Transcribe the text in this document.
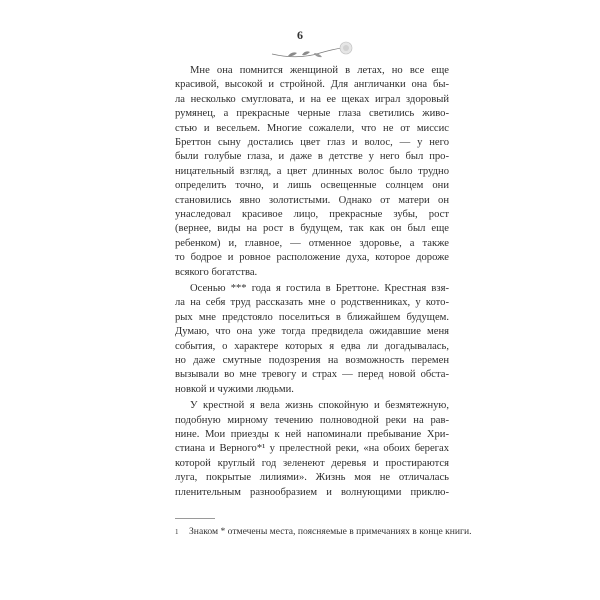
6
Мне она помнится женщиной в летах, но все еще
красивой, высокой и стройной. Для англичанки она бы-
ла несколько смугловата, и на ее щеках играл здоровый
румянец, а прекрасные черные глаза светились живо-
стью и весельем. Многие сожалели, что не от миссис
Бреттон сыну достались цвет глаз и волос, — у него
были голубые глаза, и даже в детстве у него был про-
ницательный взгляд, а цвет длинных волос было трудно
определить точно, и лишь освещенные солнцем они
становились явно золотистыми. Однако от матери он
унаследовал красивое лицо, прекрасные зубы, рост
(вернее, виды на рост в будущем, так как он был еще
ребенком) и, главное, — отменное здоровье, а также
то бодрое и ровное расположение духа, которое дороже
всякого богатства.
Осенью *** года я гостила в Бреттоне. Крестная взя-
ла на себя труд рассказать мне о родственниках, у кото-
рых мне предстояло поселиться в ближайшем будущем.
Думаю, что она уже тогда предвидела ожидавшие меня
события, о характере которых я едва ли догадывалась,
но даже смутные подозрения на возможность перемен
вызывали во мне тревогу и страх — перед новой обста-
новкой и чужими людьми.
У крестной я вела жизнь спокойную и безмятежную,
подобную мирному течению полноводной реки на рав-
нине. Мои приезды к ней напоминали пребывание Хри-
стиана и Верного*¹ у прелестной реки, «на обоих берегах
которой круглый год зеленеют деревья и простираются
луга, покрытые лилиями». Жизнь моя не отличалась
пленительным разнообразием и волнующими приклю-
1 Знаком * отмечены места, поясняемые в примечаниях в конце книги.
